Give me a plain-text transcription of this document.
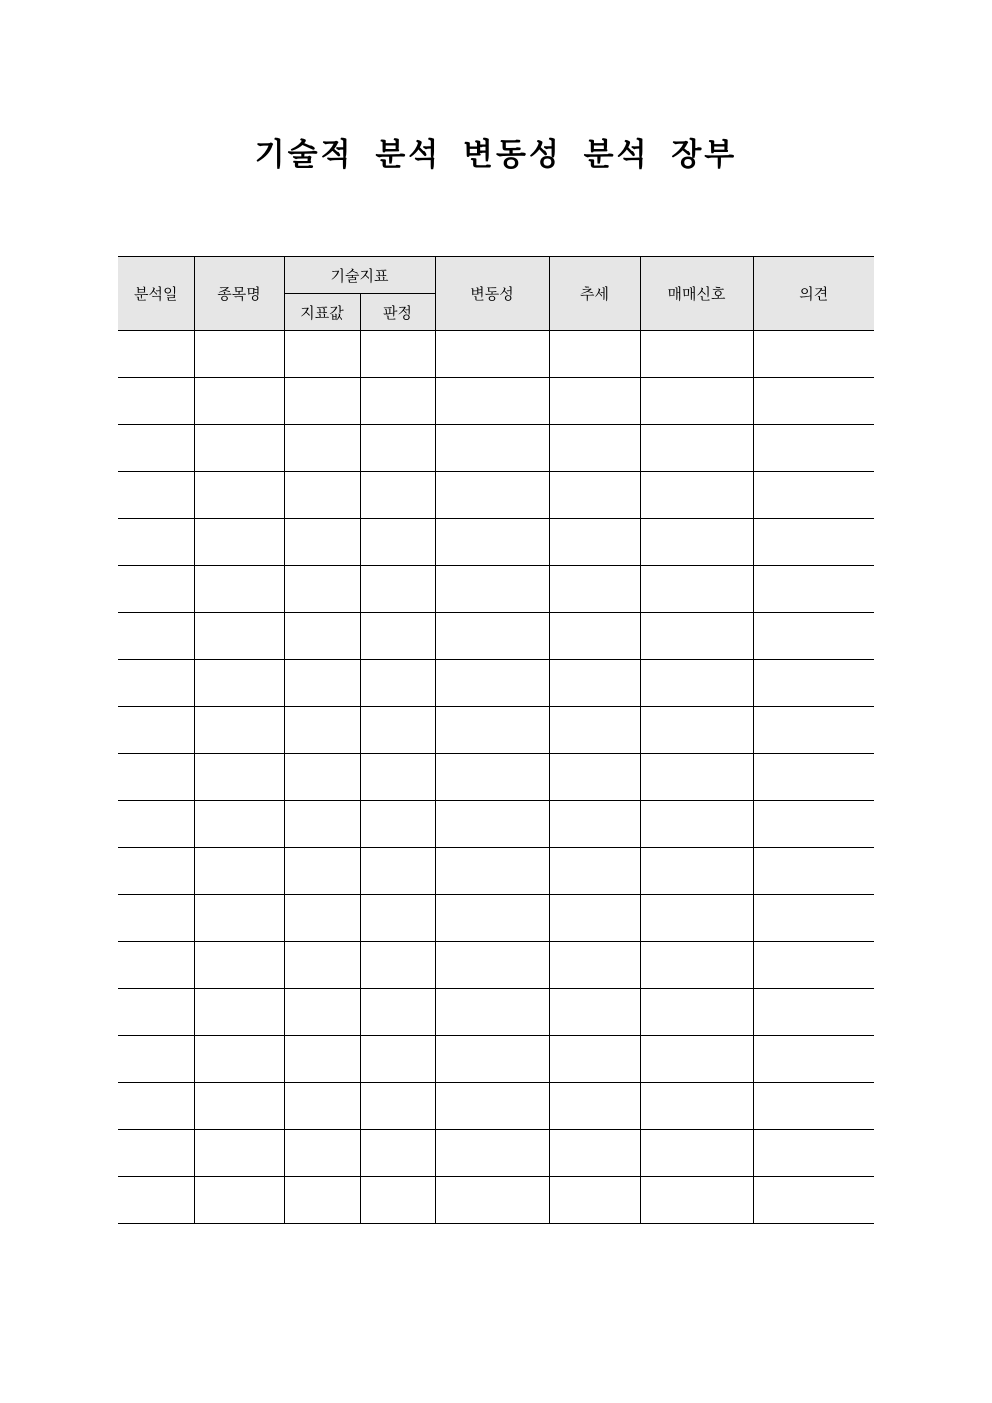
기술적 분석 변동성 분석 장부
분석일	종목명	기술지표		변동성	추세	매매신호	의견
		지표값	판정				
